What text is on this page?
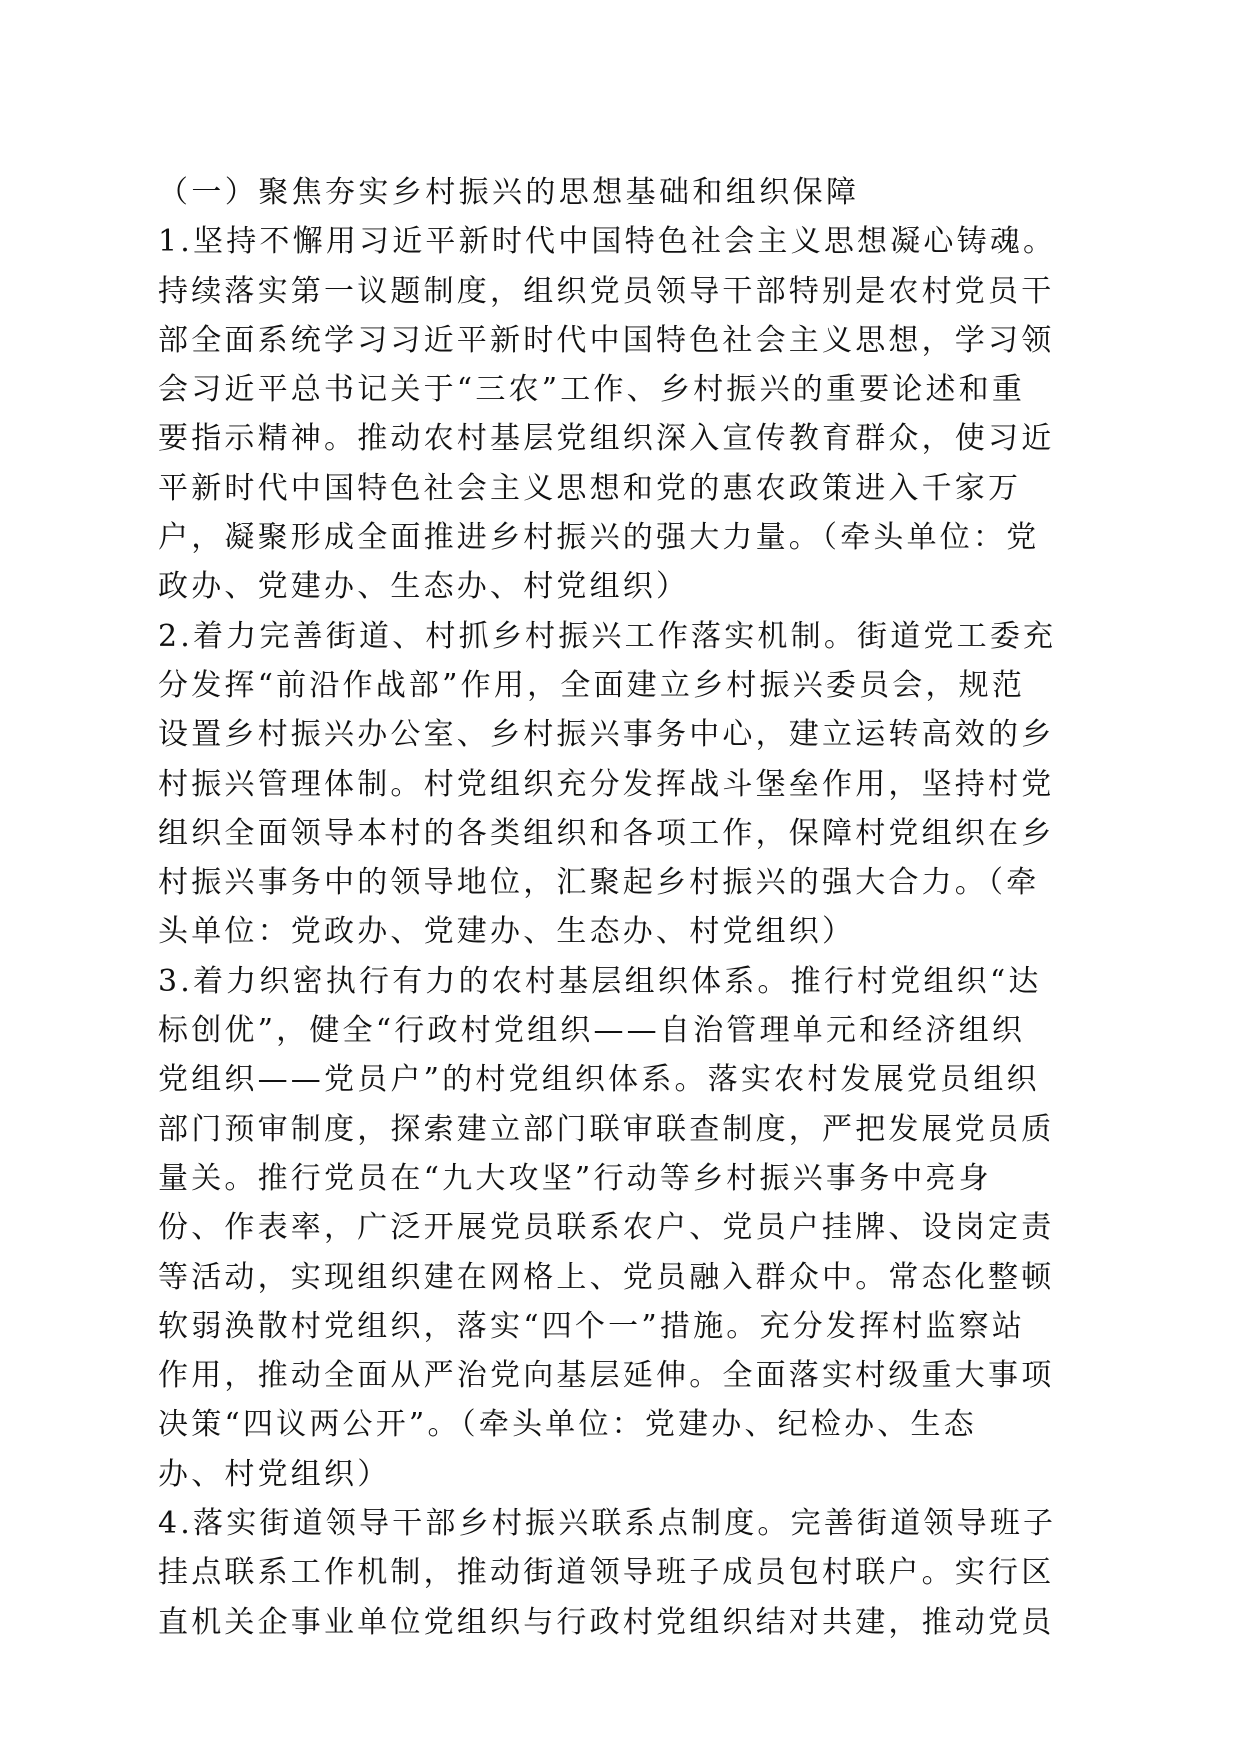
（一）聚焦夯实乡村振兴的思想基础和组织保障
1.坚持不懈用习近平新时代中国特色社会主义思想凝心铸魂。
持续落实第一议题制度，组织党员领导干部特别是农村党员干
部全面系统学习习近平新时代中国特色社会主义思想，学习领
会习近平总书记关于“三农”工作、乡村振兴的重要论述和重
要指示精神。推动农村基层党组织深入宣传教育群众，使习近
平新时代中国特色社会主义思想和党的惠农政策进入千家万
户，凝聚形成全面推进乡村振兴的强大力量。（牵头单位：党
政办、党建办、生态办、村党组织）
2.着力完善街道、村抓乡村振兴工作落实机制。街道党工委充
分发挥“前沿作战部”作用，全面建立乡村振兴委员会，规范
设置乡村振兴办公室、乡村振兴事务中心，建立运转高效的乡
村振兴管理体制。村党组织充分发挥战斗堡垒作用，坚持村党
组织全面领导本村的各类组织和各项工作，保障村党组织在乡
村振兴事务中的领导地位，汇聚起乡村振兴的强大合力。（牵
头单位：党政办、党建办、生态办、村党组织）
3.着力织密执行有力的农村基层组织体系。推行村党组织“达
标创优”，健全“行政村党组织——自治管理单元和经济组织
党组织——党员户”的村党组织体系。落实农村发展党员组织
部门预审制度，探索建立部门联审联查制度，严把发展党员质
量关。推行党员在“九大攻坚”行动等乡村振兴事务中亮身
份、作表率，广泛开展党员联系农户、党员户挂牌、设岗定责
等活动，实现组织建在网格上、党员融入群众中。常态化整顿
软弱涣散村党组织，落实“四个一”措施。充分发挥村监察站
作用，推动全面从严治党向基层延伸。全面落实村级重大事项
决策“四议两公开”。（牵头单位：党建办、纪检办、生态
办、村党组织）
4.落实街道领导干部乡村振兴联系点制度。完善街道领导班子
挂点联系工作机制，推动街道领导班子成员包村联户。实行区
直机关企事业单位党组织与行政村党组织结对共建，推动党员
